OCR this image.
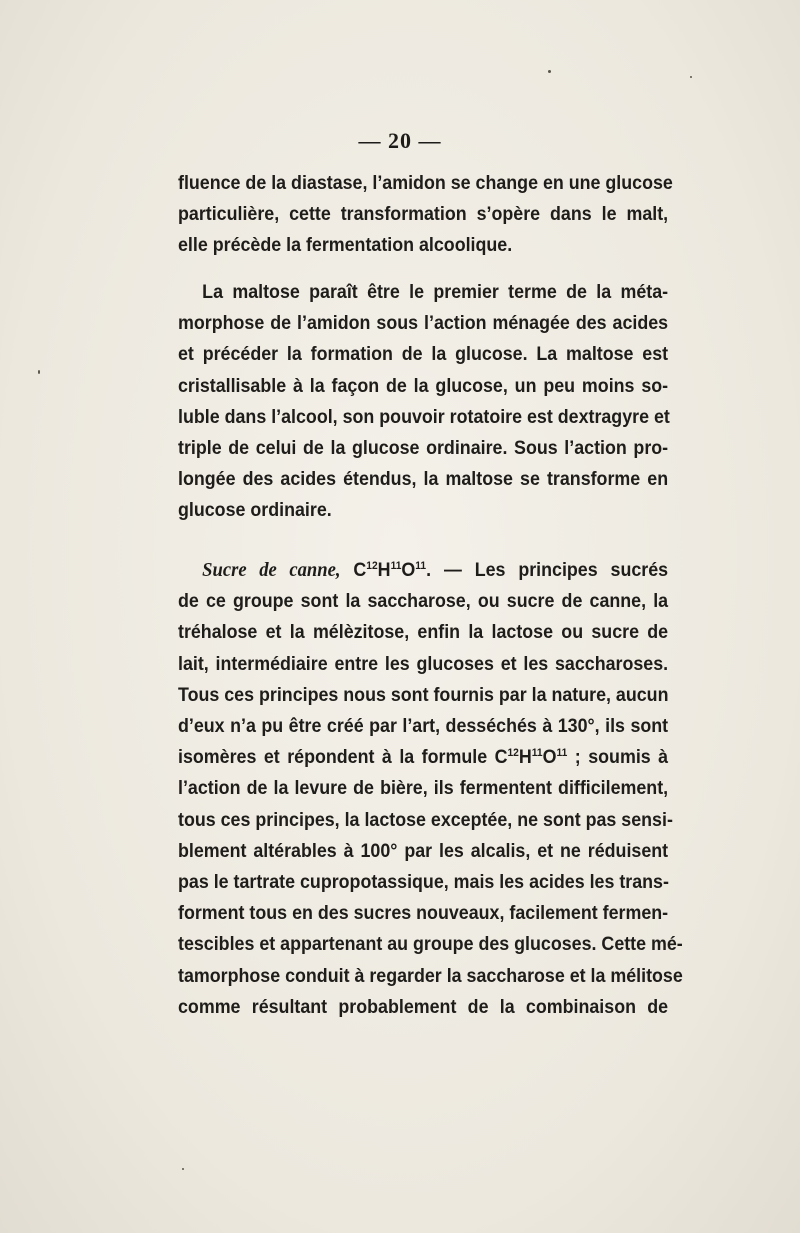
— 20 —
fluence de la diastase, l’amidon se change en une glucose
particulière, cette transformation s’opère dans le malt,
elle précède la fermentation alcoolique.
La maltose paraît être le premier terme de la méta-
morphose de l’amidon sous l’action ménagée des acides
et précéder la formation de la glucose. La maltose est
cristallisable à la façon de la glucose, un peu moins so-
luble dans l’alcool, son pouvoir rotatoire est dextragyre et
triple de celui de la glucose ordinaire. Sous l’action pro-
longée des acides étendus, la maltose se transforme en
glucose ordinaire.
Sucre de canne, $C^{12}H^{11}O^{11}$. — Les principes sucrés
de ce groupe sont la saccharose, ou sucre de canne, la
tréhalose et la mélèzitose, enfin la lactose ou sucre de
lait, intermédiaire entre les glucoses et les saccharoses.
Tous ces principes nous sont fournis par la nature, aucun
d’eux n’a pu être créé par l’art, desséchés à 130°, ils sont
isomères et répondent à la formule $C^{12}H^{11}O^{11}$ ; soumis à
l’action de la levure de bière, ils fermentent difficilement,
tous ces principes, la lactose exceptée, ne sont pas sensi-
blement altérables à 100° par les alcalis, et ne réduisent
pas le tartrate cupropotassique, mais les acides les trans-
forment tous en des sucres nouveaux, facilement fermen-
tescibles et appartenant au groupe des glucoses. Cette mé-
tamorphose conduit à regarder la saccharose et la mélitose
comme résultant probablement de la combinaison de
